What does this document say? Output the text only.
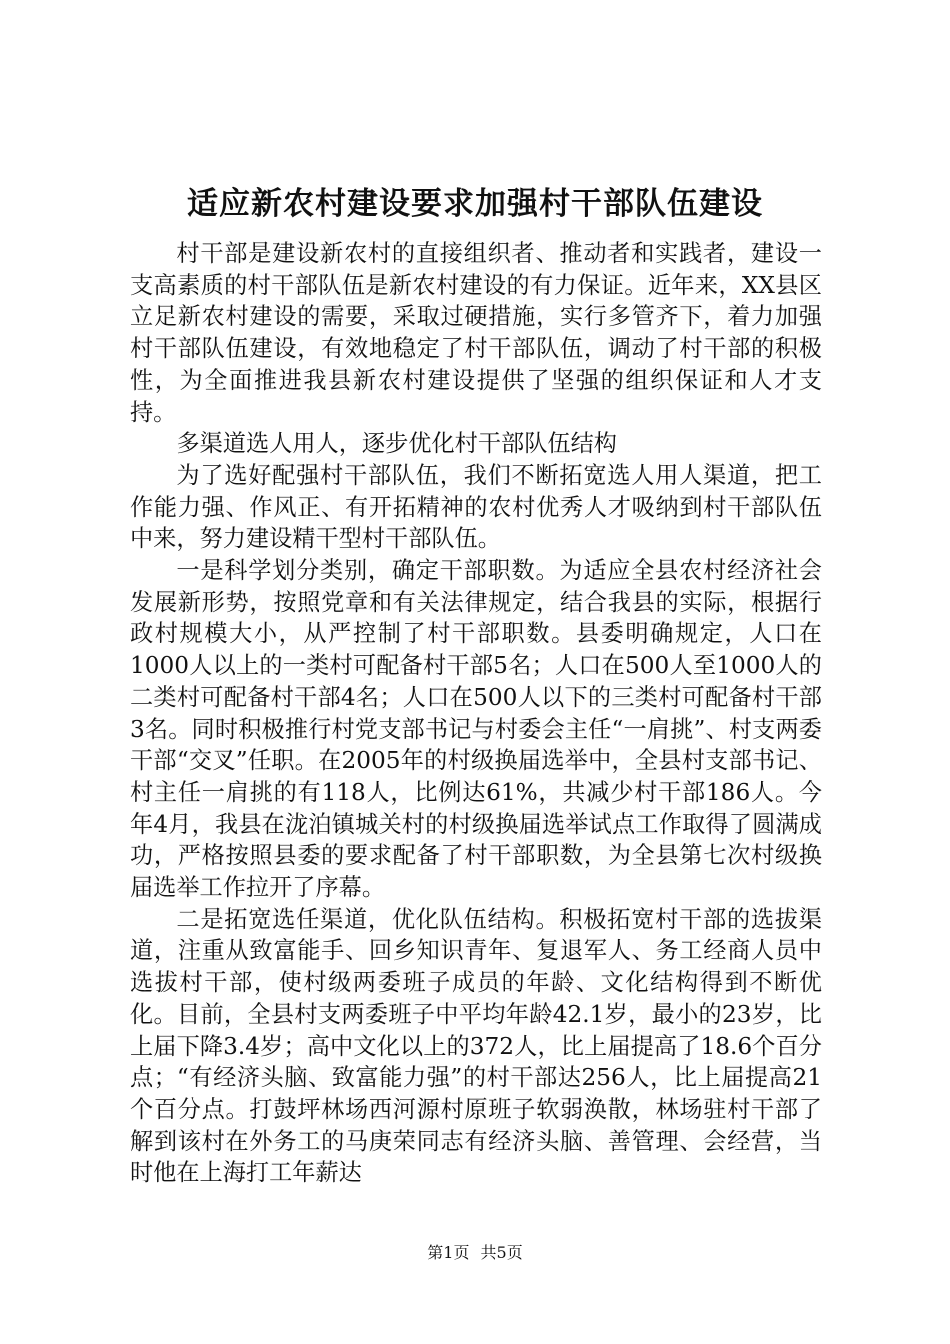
适应新农村建设要求加强村干部队伍建设

村干部是建设新农村的直接组织者、推动者和实践者，建设一支高素质的村干部队伍是新农村建设的有力保证。近年来，XX县区立足新农村建设的需要，采取过硬措施，实行多管齐下，着力加强村干部队伍建设，有效地稳定了村干部队伍，调动了村干部的积极性，为全面推进我县新农村建设提供了坚强的组织保证和人才支持。

多渠道选人用人，逐步优化村干部队伍结构

为了选好配强村干部队伍，我们不断拓宽选人用人渠道，把工作能力强、作风正、有开拓精神的农村优秀人才吸纳到村干部队伍中来，努力建设精干型村干部队伍。

一是科学划分类别，确定干部职数。为适应全县农村经济社会发展新形势，按照党章和有关法律规定，结合我县的实际，根据行政村规模大小，从严控制了村干部职数。县委明确规定，人口在1000人以上的一类村可配备村干部5名；人口在500人至1000人的二类村可配备村干部4名；人口在500人以下的三类村可配备村干部3名。同时积极推行村党支部书记与村委会主任“一肩挑”、村支两委干部“交叉”任职。在2005年的村级换届选举中，全县村支部书记、村主任一肩挑的有118人，比例达61%，共减少村干部186人。今年4月，我县在泷泊镇城关村的村级换届选举试点工作取得了圆满成功，严格按照县委的要求配备了村干部职数，为全县第七次村级换届选举工作拉开了序幕。

二是拓宽选任渠道，优化队伍结构。积极拓宽村干部的选拔渠道，注重从致富能手、回乡知识青年、复退军人、务工经商人员中选拔村干部，使村级两委班子成员的年龄、文化结构得到不断优化。目前，全县村支两委班子中平均年龄42.1岁，最小的23岁，比上届下降3.4岁；高中文化以上的372人，比上届提高了18.6个百分点；“有经济头脑、致富能力强”的村干部达256人，比上届提高21个百分点。打鼓坪林场西河源村原班子软弱涣散，林场驻村干部了解到该村在外务工的马庚荣同志有经济头脑、善管理、会经营，当时他在上海打工年薪达

第1页 共5页
